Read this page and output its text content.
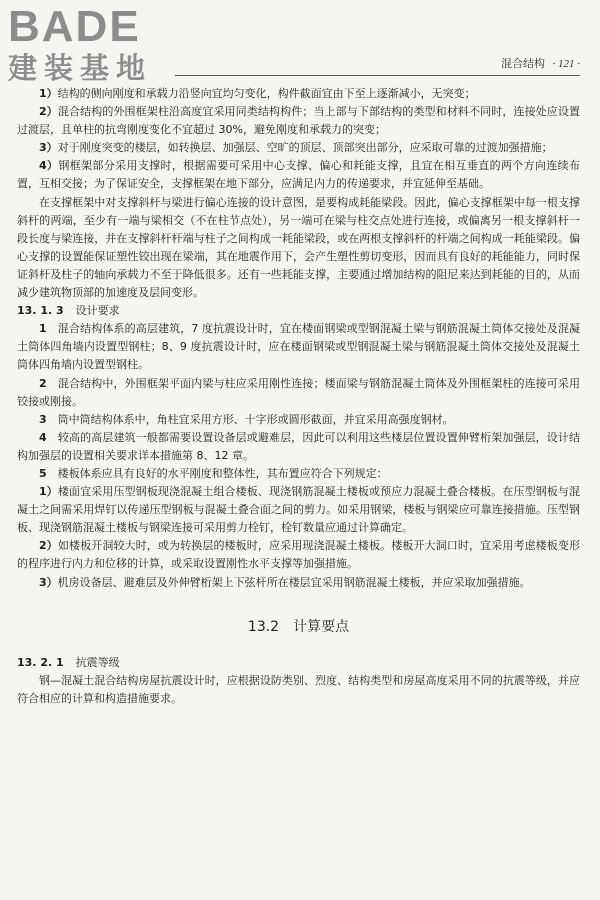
BADE
建装基地	混合结构 · 121 ·

1）结构的侧向刚度和承载力沿竖向宜均匀变化，构件截面宜由下至上逐渐减小，无突变；

2）混合结构的外围框架柱沿高度宜采用同类结构构件；当上部与下部结构的类型和材料不同时，连接处应设置过渡层，且单柱的抗弯刚度变化不宜超过 30%，避免刚度和承载力的突变；

3）对于刚度突变的楼层，如转换层、加强层、空旷的顶层、顶部突出部分，应采取可靠的过渡加强措施；

4）钢框架部分采用支撑时，根据需要可采用中心支撑、偏心和耗能支撑，且宜在相互垂直的两个方向连续布置，互相交接；为了保证安全，支撑框架在地下部分，应满足内力的传递要求，并宜延伸至基础。

在支撑框架中对支撑斜杆与梁进行偏心连接的设计意图，是要构成耗能梁段。因此，偏心支撑框架中每一根支撑斜杆的两端，至少有一端与梁相交（不在柱节点处），另一端可在梁与柱交点处进行连接，或偏离另一根支撑斜杆一段长度与梁连接，并在支撑斜杆杆端与柱子之间构成一耗能梁段，或在两根支撑斜杆的杆端之间构成一耗能梁段。偏心支撑的设置能保证塑性铰出现在梁端，其在地震作用下，会产生塑性剪切变形，因而具有良好的耗能能力，同时保证斜杆及柱子的轴向承载力不至于降低很多。还有一些耗能支撑，主要通过增加结构的阻尼来达到耗能的目的，从而减少建筑物顶部的加速度及层间变形。

13. 1. 3 设计要求

1　 混合结构体系的高层建筑，7 度抗震设计时，宜在楼面钢梁或型钢混凝土梁与钢筋混凝土筒体交接处及混凝土筒体四角墙内设置型钢柱；8、9 度抗震设计时，应在楼面钢梁或型钢混凝土梁与钢筋混凝土筒体交接处及混凝土筒体四角墙内设置型钢柱。

2　 混合结构中，外围框架平面内梁与柱应采用刚性连接；楼面梁与钢筋混凝土筒体及外围框架柱的连接可采用铰接或刚接。

3　 筒中筒结构体系中，角柱宜采用方形、十字形或圆形截面，并宜采用高强度钢材。

4　 较高的高层建筑一般都需要设置设备层或避难层，因此可以利用这些楼层位置设置伸臂桁架加强层，设计结构加强层的设置相关要求详本措施第 8、12 章。

5　 楼板体系应具有良好的水平刚度和整体性，其布置应符合下列规定：

1）楼面宜采用压型钢板现浇混凝土组合楼板、现浇钢筋混凝土楼板或预应力混凝土叠合楼板。在压型钢板与混凝土之间需采用焊钉以传递压型钢板与混凝土叠合面之间的剪力。如采用钢梁，楼板与钢梁应可靠连接措施。压型钢板、现浇钢筋混凝土楼板与钢梁连接可采用剪力栓钉，栓钉数量应通过计算确定。

2）如楼板开洞较大时，或为转换层的楼板时，应采用现浇混凝土楼板。楼板开大洞口时，宜采用考虑楼板变形的程序进行内力和位移的计算，或采取设置刚性水平支撑等加强措施。

3）机房设备层、避难层及外伸臂桁架上下弦杆所在楼层宜采用钢筋混凝土楼板，并应采取加强措施。

13.2 计算要点

13. 2. 1 抗震等级

钢—混凝土混合结构房屋抗震设计时，应根据设防类别、烈度、结构类型和房屋高度采用不同的抗震等级，并应符合相应的计算和构造措施要求。
